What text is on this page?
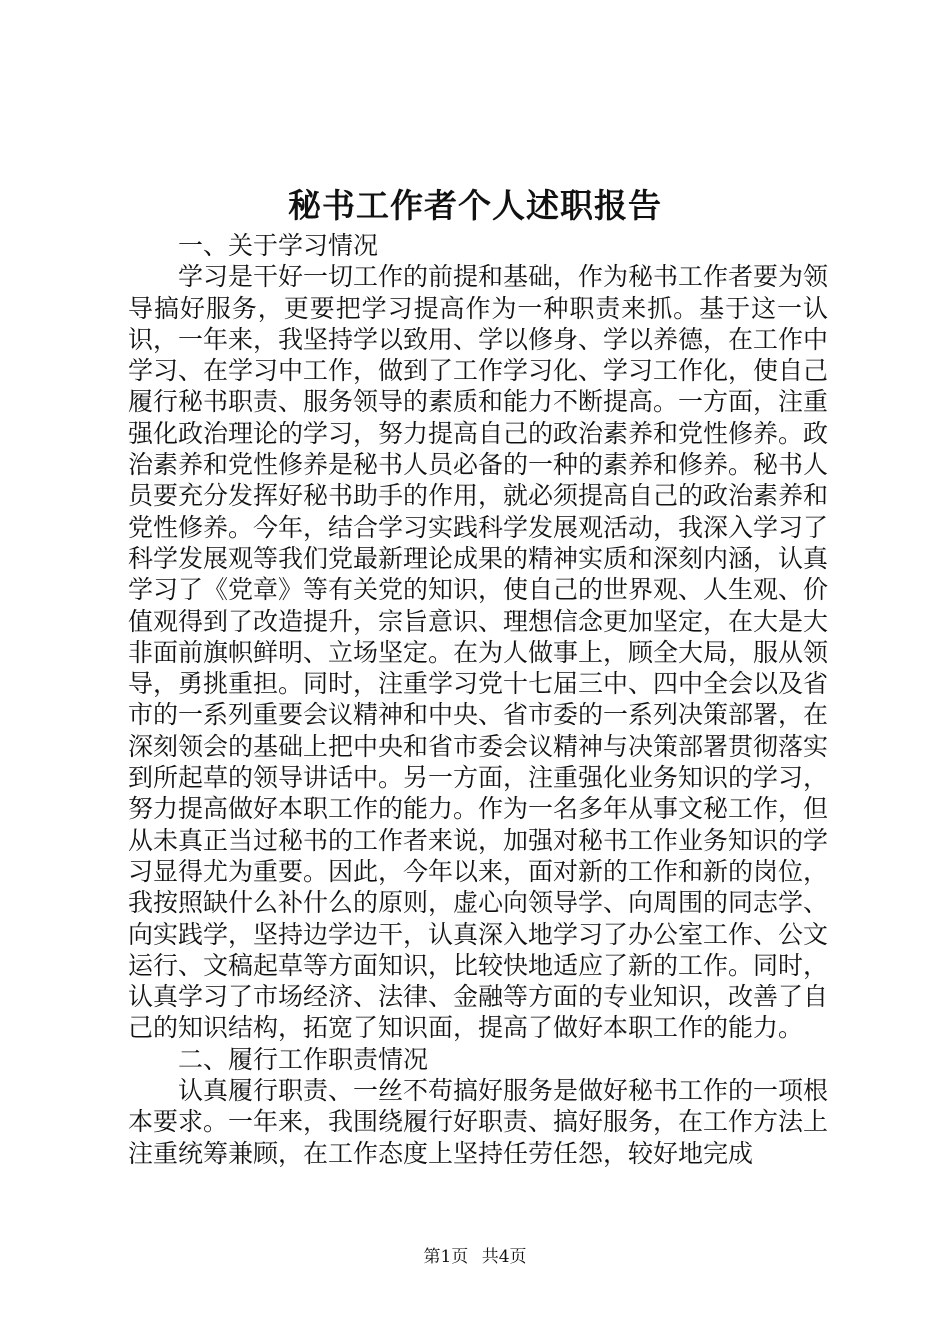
秘书工作者个人述职报告

一、关于学习情况

学习是干好一切工作的前提和基础，作为秘书工作者要为领导搞好服务，更要把学习提高作为一种职责来抓。基于这一认识，一年来，我坚持学以致用、学以修身、学以养德，在工作中学习、在学习中工作，做到了工作学习化、学习工作化，使自己履行秘书职责、服务领导的素质和能力不断提高。一方面，注重强化政治理论的学习，努力提高自己的政治素养和党性修养。政治素养和党性修养是秘书人员必备的一种的素养和修养。秘书人员要充分发挥好秘书助手的作用，就必须提高自己的政治素养和党性修养。今年，结合学习实践科学发展观活动，我深入学习了科学发展观等我们党最新理论成果的精神实质和深刻内涵，认真学习了《党章》等有关党的知识，使自己的世界观、人生观、价值观得到了改造提升，宗旨意识、理想信念更加坚定，在大是大非面前旗帜鲜明、立场坚定。在为人做事上，顾全大局，服从领导，勇挑重担。同时，注重学习党十七届三中、四中全会以及省市的一系列重要会议精神和中央、省市委的一系列决策部署，在深刻领会的基础上把中央和省市委会议精神与决策部署贯彻落实到所起草的领导讲话中。另一方面，注重强化业务知识的学习，努力提高做好本职工作的能力。作为一名多年从事文秘工作，但从未真正当过秘书的工作者来说，加强对秘书工作业务知识的学习显得尤为重要。因此，今年以来，面对新的工作和新的岗位，我按照缺什么补什么的原则，虚心向领导学、向周围的同志学、向实践学，坚持边学边干，认真深入地学习了办公室工作、公文运行、文稿起草等方面知识，比较快地适应了新的工作。同时，认真学习了市场经济、法律、金融等方面的专业知识，改善了自己的知识结构，拓宽了知识面，提高了做好本职工作的能力。

二、履行工作职责情况

认真履行职责、一丝不苟搞好服务是做好秘书工作的一项根本要求。一年来，我围绕履行好职责、搞好服务，在工作方法上注重统筹兼顾，在工作态度上坚持任劳任怨，较好地完成

第1页 共4页
